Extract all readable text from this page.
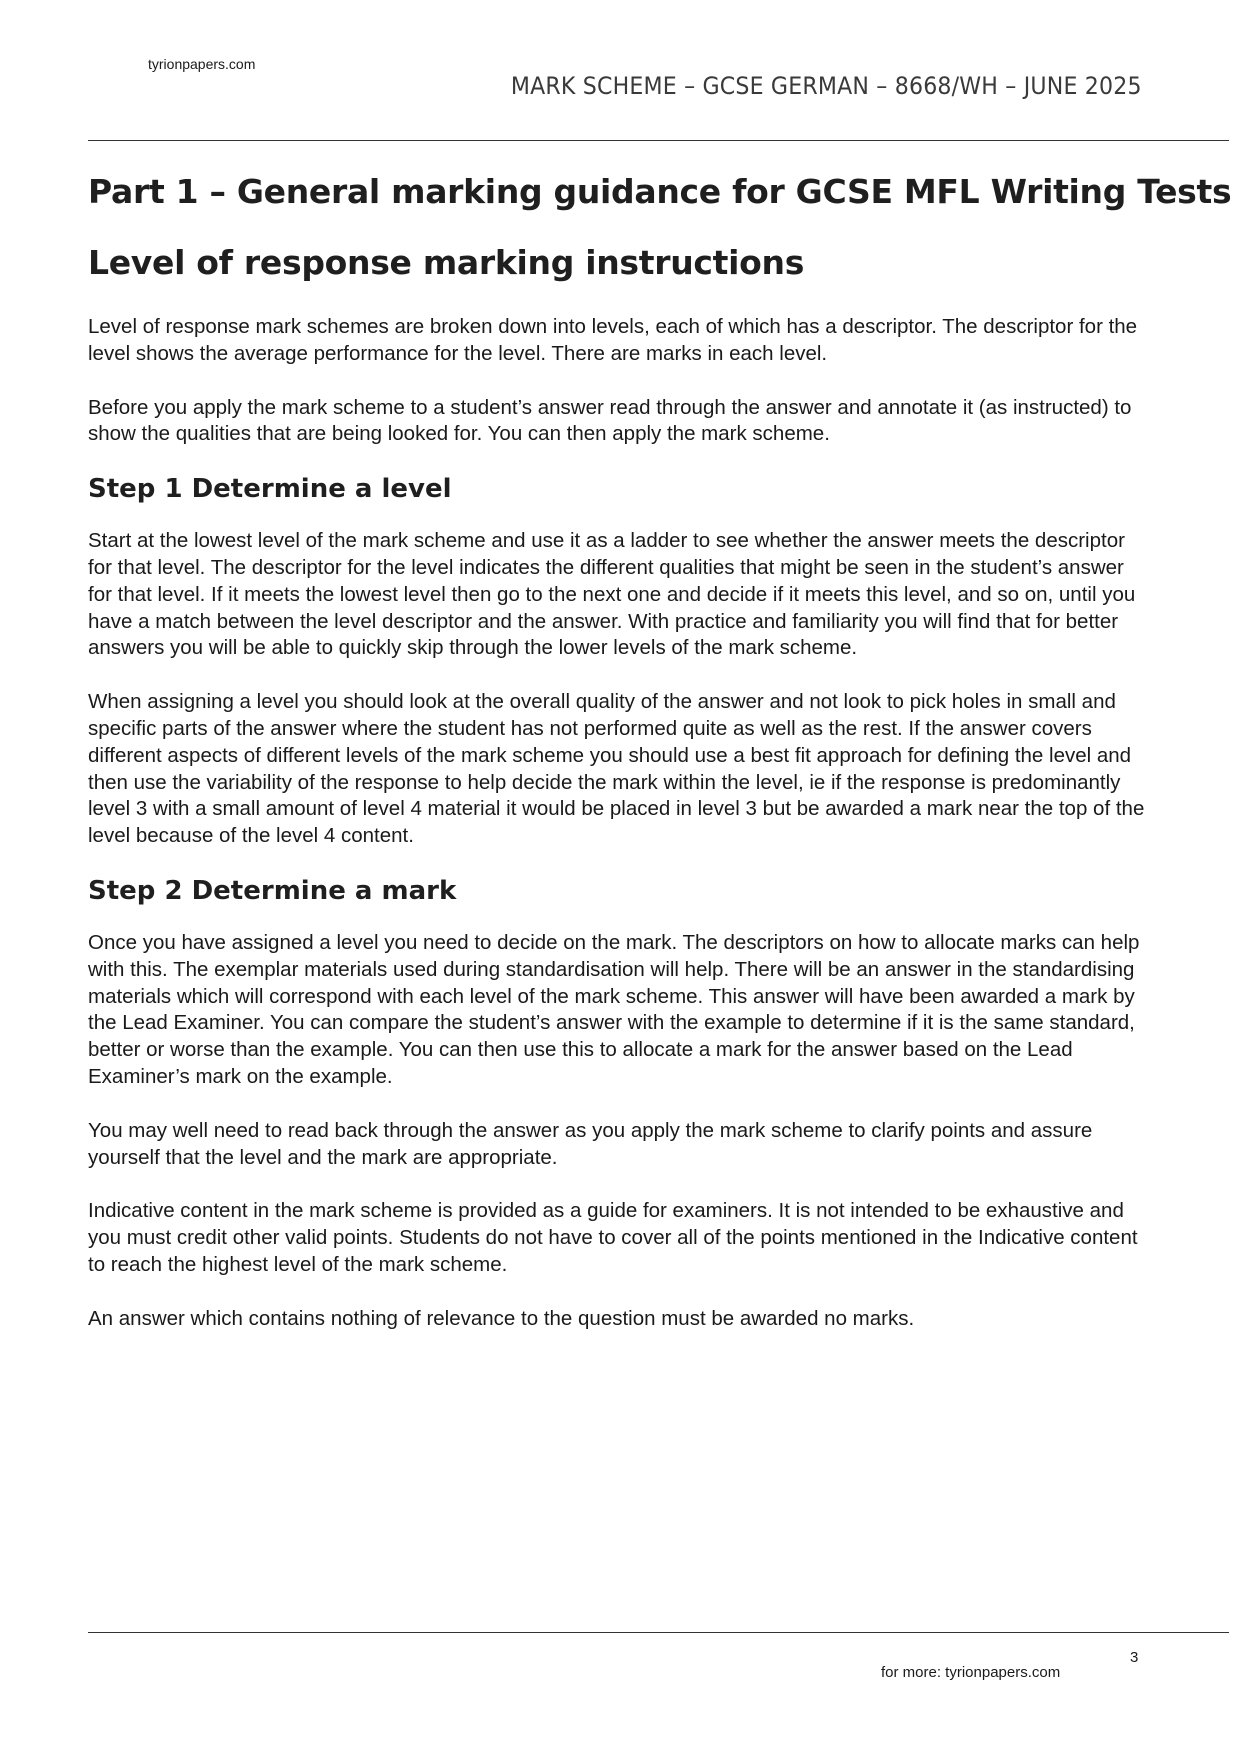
tyrionpapers.com
MARK SCHEME – GCSE GERMAN – 8668/WH – JUNE 2025
Part 1 – General marking guidance for GCSE MFL Writing Tests
Level of response marking instructions

Level of response mark schemes are broken down into levels, each of which has a descriptor. The descriptor for the level shows the average performance for the level. There are marks in each level.

Before you apply the mark scheme to a student’s answer read through the answer and annotate it (as instructed) to show the qualities that are being looked for. You can then apply the mark scheme.

Step 1 Determine a level

Start at the lowest level of the mark scheme and use it as a ladder to see whether the answer meets the descriptor for that level. The descriptor for the level indicates the different qualities that might be seen in the student’s answer for that level. If it meets the lowest level then go to the next one and decide if it meets this level, and so on, until you have a match between the level descriptor and the answer. With practice and familiarity you will find that for better answers you will be able to quickly skip through the lower levels of the mark scheme.

When assigning a level you should look at the overall quality of the answer and not look to pick holes in small and specific parts of the answer where the student has not performed quite as well as the rest. If the answer covers different aspects of different levels of the mark scheme you should use a best fit approach for defining the level and then use the variability of the response to help decide the mark within the level, ie if the response is predominantly level 3 with a small amount of level 4 material it would be placed in level 3 but be awarded a mark near the top of the level because of the level 4 content.

Step 2 Determine a mark

Once you have assigned a level you need to decide on the mark. The descriptors on how to allocate marks can help with this. The exemplar materials used during standardisation will help. There will be an answer in the standardising materials which will correspond with each level of the mark scheme. This answer will have been awarded a mark by the Lead Examiner. You can compare the student’s answer with the example to determine if it is the same standard, better or worse than the example. You can then use this to allocate a mark for the answer based on the Lead Examiner’s mark on the example.

You may well need to read back through the answer as you apply the mark scheme to clarify points and assure yourself that the level and the mark are appropriate.

Indicative content in the mark scheme is provided as a guide for examiners. It is not intended to be exhaustive and you must credit other valid points. Students do not have to cover all of the points mentioned in the Indicative content to reach the highest level of the mark scheme.

An answer which contains nothing of relevance to the question must be awarded no marks.

3
for more: tyrionpapers.com
